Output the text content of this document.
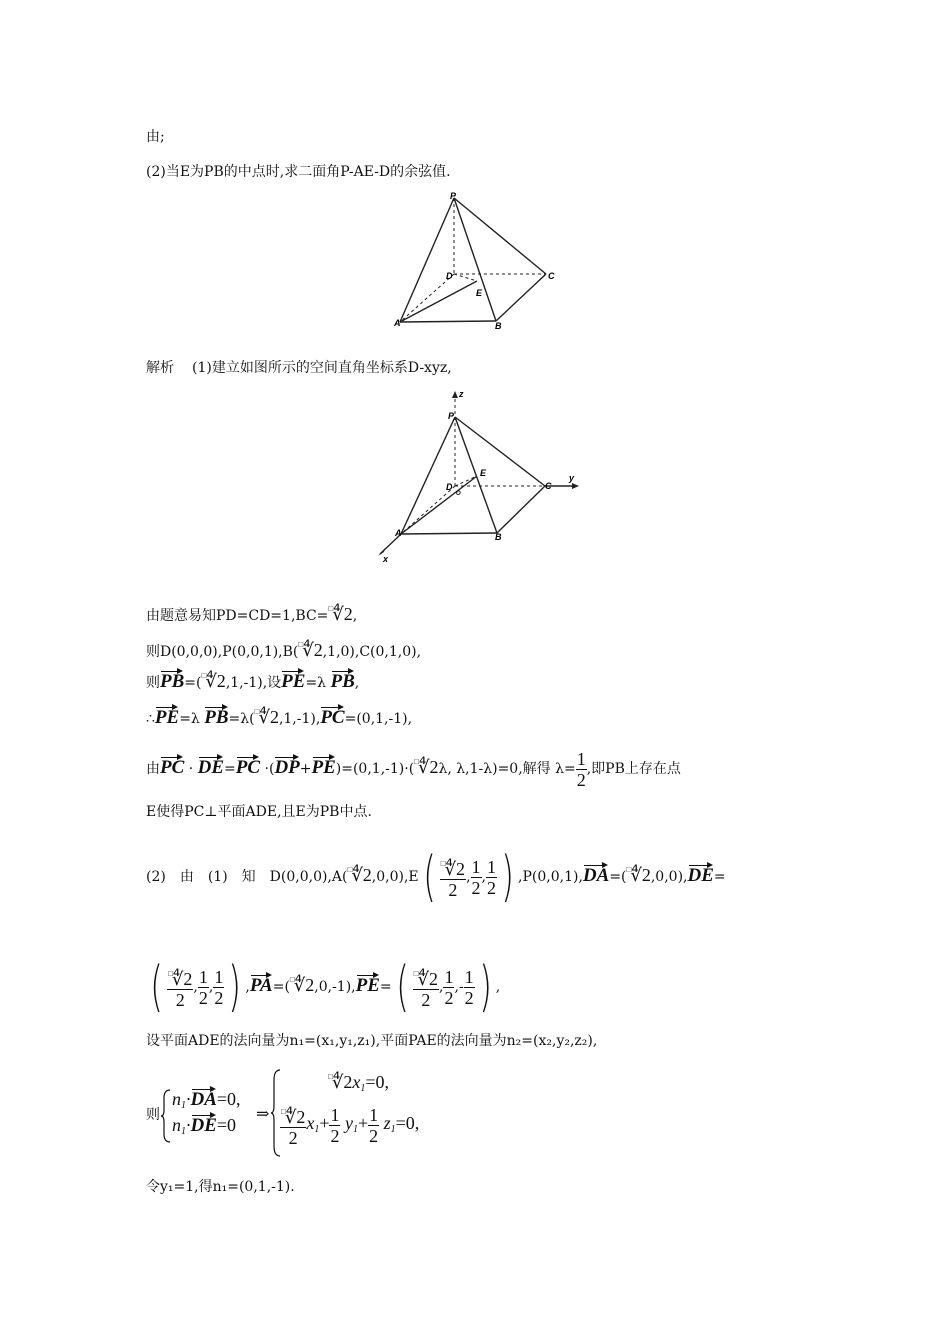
由;
(2)当E为PB的中点时,求二面角P-AE-D的余弦值.
P
D	C
E
A	B
解析 (1)建立如图所示的空间直角坐标系D-xyz,
P
z
E
D
O
C
y
A	B
x
由题意易知PD=CD=1,BC=□∜2,
则D(0,0,0),P(0,0,1),B(□∜2,1,0),C(0,1,0),
则PB=(□∜2,1,-1),设PE=λ PB,
∴PE=λ PB=λ(□∜2,1,-1),PC=(0,1,-1),
由PC · DE=PC ·(DP+PE)=(0,1,-1)·(□∜2λ, λ,1-λ)=0,解得 $\lambda= \frac{1}{2}$ ,即PB上存在点
E使得PC⊥平面ADE,且E为PB中点.
(2)　由　(1)　知　D(0,0,0),A(□∜2,0,0),E( $\frac{^□∜2}{2}$ , $\frac{1}{2}$ , $\frac{1}{2}$ ) ,P(0,0,1),DA=(□∜2,0,0),DE=
( $\frac{^□∜2}{2}$ , $\frac{1}{2}$ , $\frac{1}{2}$ ) ,PA=(□∜2,0,-1),PE=( $\frac{^□∜2}{2}$ , $\frac{1}{2}$ ,- $\frac{1}{2}$ ) ,
设平面ADE的法向量为n₁=(x₁,y₁,z₁),平面PAE的法向量为n₂=(x₂,y₂,z₂),
则
$n_1\cdot DA=0$,
$n_1\cdot DE=0$
⇒
$^□∜2x_1=0$,
$\frac{^□∜2}{2} x_1+ \frac{1}{2} y_1+ \frac{1}{2} z_1=0$,
令y₁=1,得n₁=(0,1,-1).
